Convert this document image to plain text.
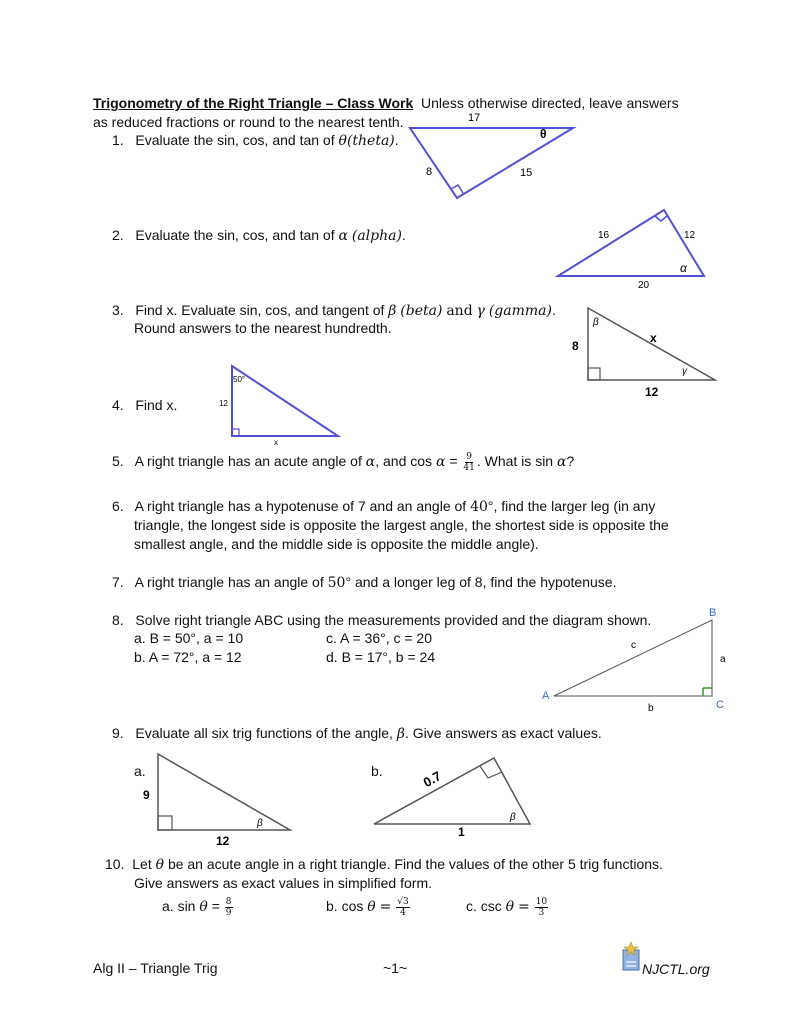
Trigonometry of the Right Triangle – Class Work Unless otherwise directed, leave answers
as reduced fractions or round to the nearest tenth.
1. Evaluate the sin, cos, and tan of θ(theta).
17
8	15
θ
2. Evaluate the sin, cos, and tan of α (alpha).	16	12
20
α
3. Find x. Evaluate sin, cos, and tangent of β (beta) and γ (gamma).
Round answers to the nearest hundredth.
8
x
12
β
γ
50°
12
x
4. Find x.
5. A right triangle has an acute angle of α, and $\cos \alpha = \frac{9}{41}$ . What is sin α?
6. A right triangle has a hypotenuse of 7 and an angle of 40°, find the larger leg (in any
triangle, the longest side is opposite the largest angle, the shortest side is opposite the
smallest angle, and the middle side is opposite the middle angle).
7. A right triangle has an angle of 50° and a longer leg of 8, find the hypotenuse.
8. Solve right triangle ABC using the measurements provided and the diagram shown.
a. B = 50°, a = 10	c. A = 36°, c = 20
b. A = 72°, a = 12	d. B = 17°, b = 24
A
B
C
a
b
c
9. Evaluate all six trig functions of the angle, β. Give answers as exact values.
a.	b.
9
12
β
0.7
1
β
10. Let θ be an acute angle in a right triangle. Find the values of the other 5 trig functions.
Give answers as exact values in simplified form.
a. $\sin \theta = \frac{8}{9}$	b. $\cos \theta = \frac{√3}{4}$	c. $\csc \theta = \frac{10}{3}$
Alg II – Triangle Trig	~1~	NJCTL.org
